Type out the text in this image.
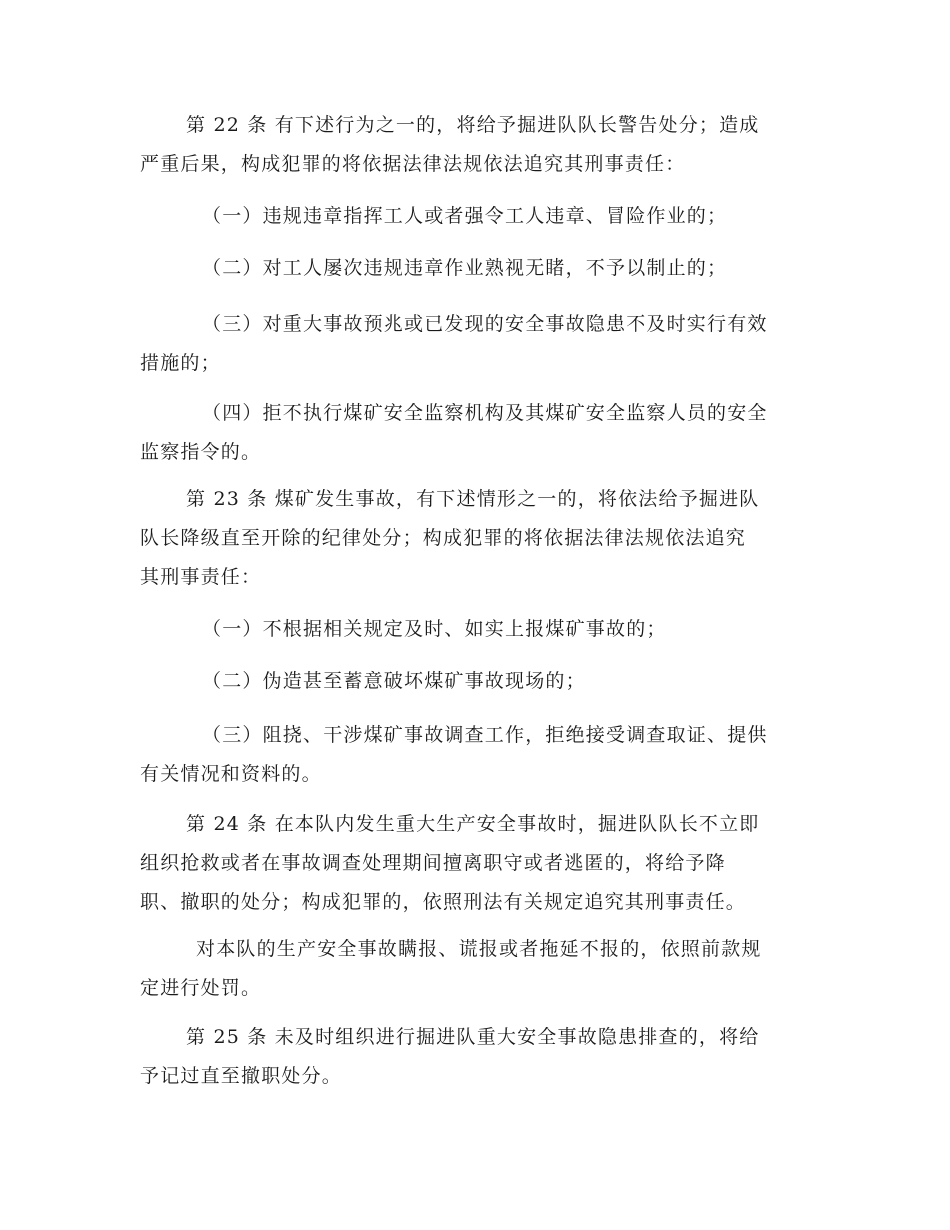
第 22 条 有下述行为之一的，将给予掘进队队长警告处分；造成
严重后果，构成犯罪的将依据法律法规依法追究其刑事责任：

（一）违规违章指挥工人或者强令工人违章、冒险作业的；

（二）对工人屡次违规违章作业熟视无睹，不予以制止的；

（三）对重大事故预兆或已发现的安全事故隐患不及时实行有效
措施的；

（四）拒不执行煤矿安全监察机构及其煤矿安全监察人员的安全
监察指令的。

第 23 条 煤矿发生事故，有下述情形之一的，将依法给予掘进队
队长降级直至开除的纪律处分；构成犯罪的将依据法律法规依法追究
其刑事责任：

（一）不根据相关规定及时、如实上报煤矿事故的；

（二）伪造甚至蓄意破坏煤矿事故现场的；

（三）阻挠、干涉煤矿事故调查工作，拒绝接受调查取证、提供
有关情况和资料的。

第 24 条 在本队内发生重大生产安全事故时，掘进队队长不立即
组织抢救或者在事故调查处理期间擅离职守或者逃匿的，将给予降
职、撤职的处分；构成犯罪的，依照刑法有关规定追究其刑事责任。

对本队的生产安全事故瞒报、谎报或者拖延不报的，依照前款规
定进行处罚。

第 25 条 未及时组织进行掘进队重大安全事故隐患排查的，将给
予记过直至撤职处分。
